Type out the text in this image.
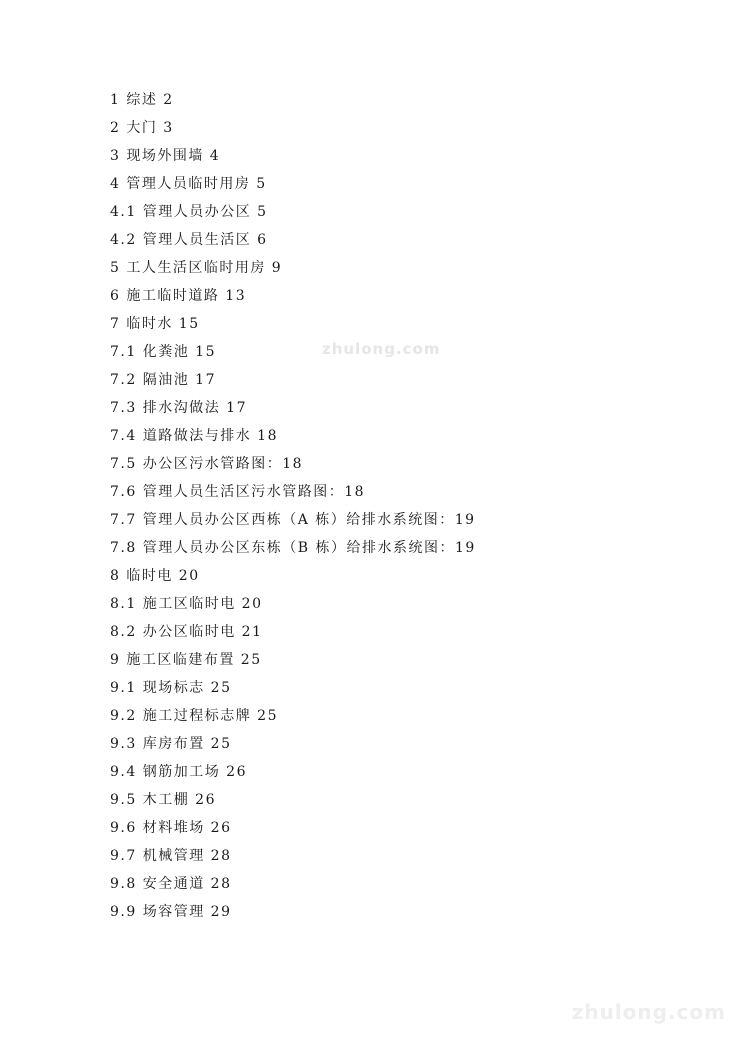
1 综述 2
2 大门 3
3 现场外围墙 4
4 管理人员临时用房 5
4.1 管理人员办公区 5
4.2 管理人员生活区 6
5 工人生活区临时用房 9
6 施工临时道路 13
7 临时水 15
7.1 化粪池 15
7.2 隔油池 17
7.3 排水沟做法 17
7.4 道路做法与排水 18
7.5 办公区污水管路图：18
7.6 管理人员生活区污水管路图：18
7.7 管理人员办公区西栋（A 栋）给排水系统图：19
7.8 管理人员办公区东栋（B 栋）给排水系统图：19
8 临时电 20
8.1 施工区临时电 20
8.2 办公区临时电 21
9 施工区临建布置 25
9.1 现场标志 25
9.2 施工过程标志牌 25
9.3 库房布置 25
9.4 钢筋加工场 26
9.5 木工棚 26
9.6 材料堆场 26
9.7 机械管理 28
9.8 安全通道 28
9.9 场容管理 29
zhulong.com
zhulong.com
